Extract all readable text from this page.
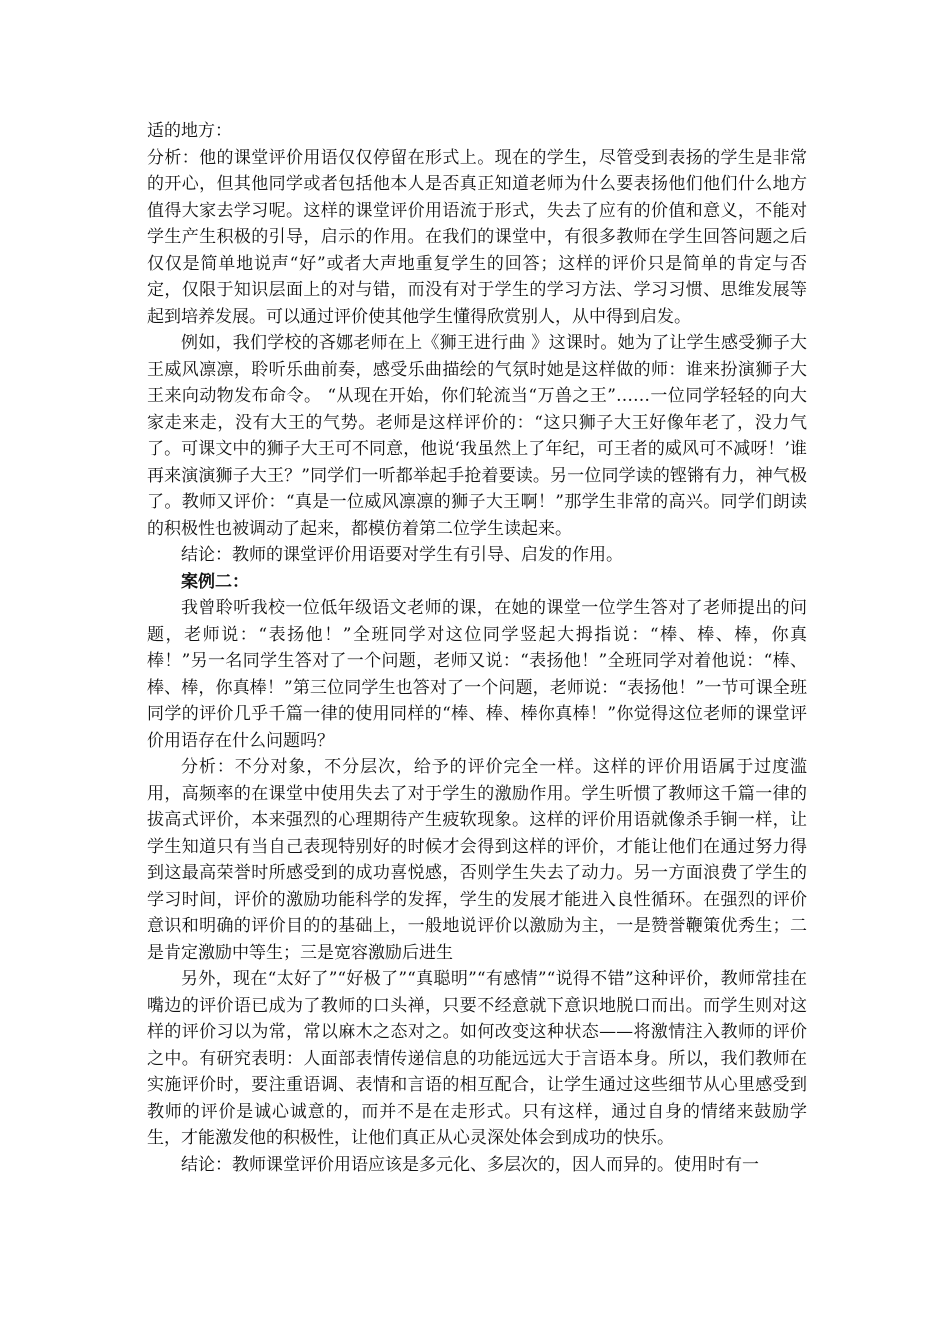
适的地方：

分析：他的课堂评价用语仅仅停留在形式上。现在的学生，尽管受到表扬的学生是非常的开心，但其他同学或者包括他本人是否真正知道老师为什么要表扬他们他们什么地方值得大家去学习呢。这样的课堂评价用语流于形式，失去了应有的价值和意义，不能对学生产生积极的引导，启示的作用。在我们的课堂中，有很多教师在学生回答问题之后仅仅是简单地说声“好”或者大声地重复学生的回答；这样的评价只是简单的肯定与否定，仅限于知识层面上的对与错，而没有对于学生的学习方法、学习习惯、思维发展等起到培养发展。可以通过评价使其他学生懂得欣赏别人，从中得到启发。

例如，我们学校的吝娜老师在上《狮王进行曲 》这课时。她为了让学生感受狮子大王威风凛凛，聆听乐曲前奏，感受乐曲描绘的气氛时她是这样做的师：谁来扮演狮子大王来向动物发布命令。 “从现在开始，你们轮流当“万兽之王”……一位同学轻轻的向大家走来走，没有大王的气势。老师是这样评价的：“这只狮子大王好像年老了，没力气了。可课文中的狮子大王可不同意，他说‘我虽然上了年纪，可王者的威风可不减呀！’谁再来演演狮子大王？”同学们一听都举起手抢着要读。另一位同学读的铿锵有力，神气极了。教师又评价：“真是一位威风凛凛的狮子大王啊！”那学生非常的高兴。同学们朗读的积极性也被调动了起来，都模仿着第二位学生读起来。

结论：教师的课堂评价用语要对学生有引导、启发的作用。

案例二：

我曾聆听我校一位低年级语文老师的课，在她的课堂一位学生答对了老师提出的问题，老师说：“表扬他！”全班同学对这位同学竖起大拇指说：“棒、棒、棒，你真棒！”另一名同学生答对了一个问题，老师又说：“表扬他！”全班同学对着他说：“棒、棒、棒，你真棒！”第三位同学生也答对了一个问题，老师说：“表扬他！”一节可课全班同学的评价几乎千篇一律的使用同样的“棒、棒、棒你真棒！”你觉得这位老师的课堂评价用语存在什么问题吗？

分析：不分对象，不分层次，给予的评价完全一样。这样的评价用语属于过度滥用，高频率的在课堂中使用失去了对于学生的激励作用。学生听惯了教师这千篇一律的拔高式评价，本来强烈的心理期待产生疲软现象。这样的评价用语就像杀手锏一样，让学生知道只有当自己表现特别好的时候才会得到这样的评价，才能让他们在通过努力得到这最高荣誉时所感受到的成功喜悦感，否则学生失去了动力。另一方面浪费了学生的学习时间，评价的激励功能科学的发挥，学生的发展才能进入良性循环。在强烈的评价意识和明确的评价目的的基础上，一般地说评价以激励为主，一是赞誉鞭策优秀生；二是肯定激励中等生；三是宽容激励后进生

另外，现在“太好了”“好极了”“真聪明”“有感情”“说得不错”这种评价，教师常挂在嘴边的评价语已成为了教师的口头禅，只要不经意就下意识地脱口而出。而学生则对这样的评价习以为常，常以麻木之态对之。如何改变这种状态——将激情注入教师的评价之中。有研究表明：人面部表情传递信息的功能远远大于言语本身。所以，我们教师在实施评价时，要注重语调、表情和言语的相互配合，让学生通过这些细节从心里感受到教师的评价是诚心诚意的，而并不是在走形式。只有这样，通过自身的情绪来鼓励学生，才能激发他的积极性，让他们真正从心灵深处体会到成功的快乐。

结论：教师课堂评价用语应该是多元化、多层次的，因人而异的。使用时有一
